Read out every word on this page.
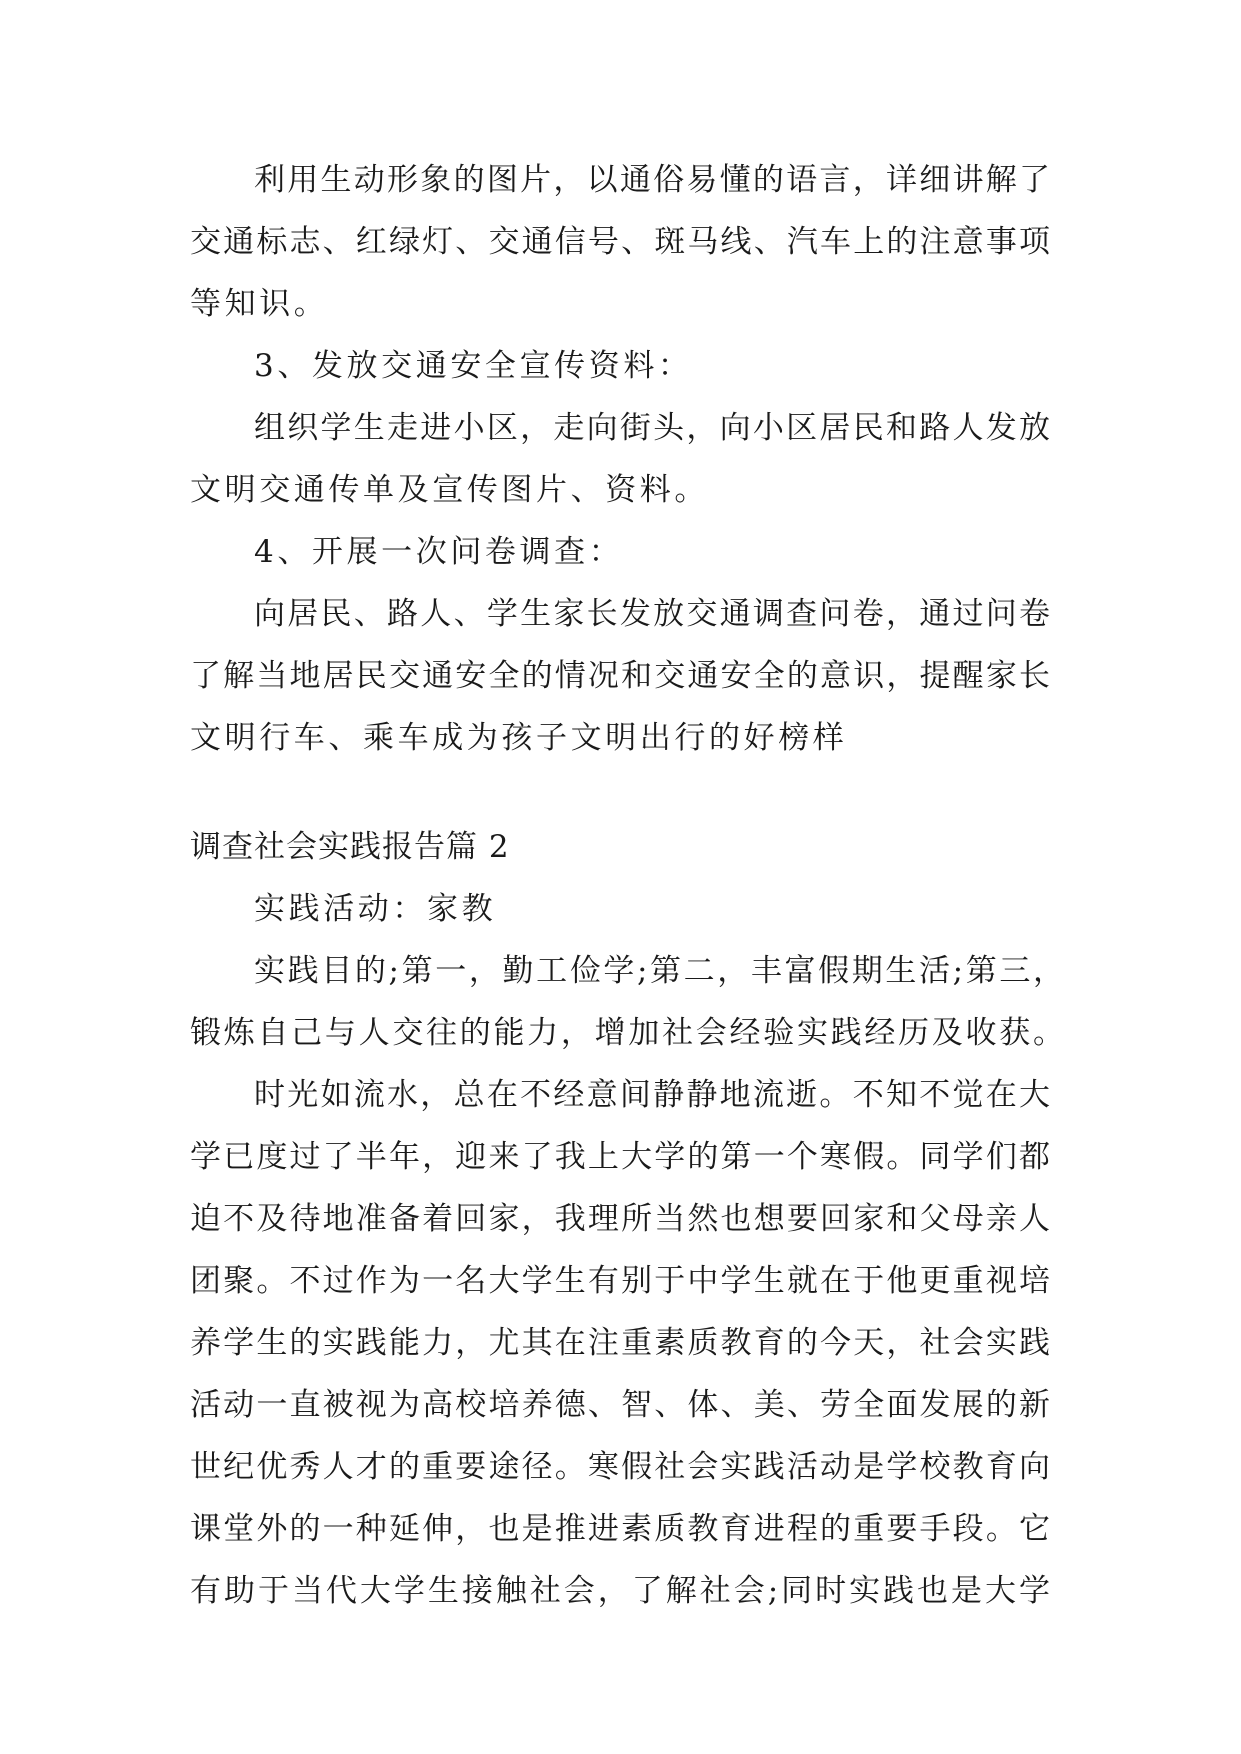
利用生动形象的图片，以通俗易懂的语言，详细讲解了
交通标志、红绿灯、交通信号、斑马线、汽车上的注意事项
等知识。
3、发放交通安全宣传资料：
组织学生走进小区，走向街头，向小区居民和路人发放
文明交通传单及宣传图片、资料。
4、开展一次问卷调查：
向居民、路人、学生家长发放交通调查问卷，通过问卷
了解当地居民交通安全的情况和交通安全的意识，提醒家长
文明行车、乘车成为孩子文明出行的好榜样
调查社会实践报告篇 2
实践活动：家教
实践目的;第一，勤工俭学;第二，丰富假期生活;第三，
锻炼自己与人交往的能力，增加社会经验实践经历及收获。
时光如流水，总在不经意间静静地流逝。不知不觉在大
学已度过了半年，迎来了我上大学的第一个寒假。同学们都
迫不及待地准备着回家，我理所当然也想要回家和父母亲人
团聚。不过作为一名大学生有别于中学生就在于他更重视培
养学生的实践能力，尤其在注重素质教育的今天，社会实践
活动一直被视为高校培养德、智、体、美、劳全面发展的新
世纪优秀人才的重要途径。寒假社会实践活动是学校教育向
课堂外的一种延伸，也是推进素质教育进程的重要手段。它
有助于当代大学生接触社会，了解社会;同时实践也是大学
